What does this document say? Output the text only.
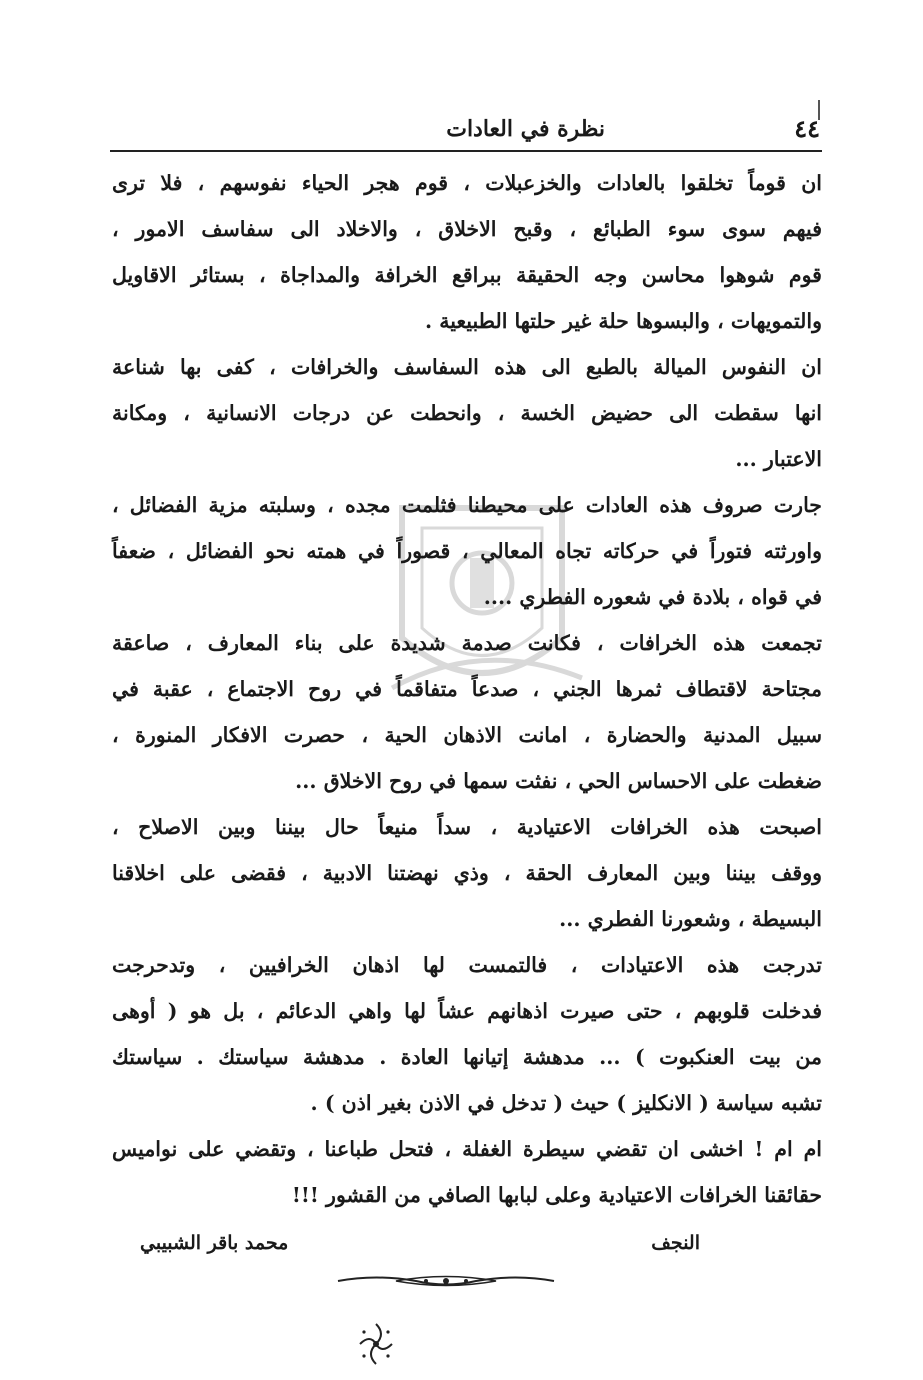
٤٤
نظرة في العادات
ان قوماً تخلقوا بالعادات والخزعبلات ، قوم هجر الحياء نفوسهم ، فلا ترى
فيهم سوى سوء الطبائع ، وقبح الاخلاق ، والاخلاد الى سفاسف الامور ،
قوم شوهوا محاسن وجه الحقيقة ببراقع الخرافة والمداجاة ، بستائر الاقاويل
والتمويهات ، والبسوها حلة غير حلتها الطبيعية .
ان النفوس الميالة بالطبع الى هذه السفاسف والخرافات ، كفى بها شناعة
انها سقطت الى حضيض الخسة ، وانحطت عن درجات الانسانية ، ومكانة
الاعتبار ...
جارت صروف هذه العادات على محيطنا فثلمت مجده ، وسلبته مزية الفضائل ،
واورثته فتوراً في حركاته تجاه المعالي ، قصوراً في همته نحو الفضائل ، ضعفاً
في قواه ، بلادة في شعوره الفطري ....
تجمعت هذه الخرافات ، فكانت صدمة شديدة على بناء المعارف ، صاعقة
مجتاحة لاقتطاف ثمرها الجني ، صدعاً متفاقماً في روح الاجتماع ، عقبة في
سبيل المدنية والحضارة ، امانت الاذهان الحية ، حصرت الافكار المنورة ،
ضغطت على الاحساس الحي ، نفثت سمها في روح الاخلاق ...
اصبحت هذه الخرافات الاعتيادية ، سداً منيعاً حال بيننا وبين الاصلاح ،
ووقف بيننا وبين المعارف الحقة ، وذي نهضتنا الادبية ، فقضى على اخلاقنا
البسيطة ، وشعورنا الفطري ...
تدرجت هذه الاعتيادات ، فالتمست لها اذهان الخرافيين ، وتدحرجت
فدخلت قلوبهم ، حتى صيرت اذهانهم عشاً لها واهي الدعائم ، بل هو ( أوهى
من بيت العنكبوت ) ... مدهشة إتيانها العادة . مدهشة سياستك . سياستك
تشبه سياسة ( الانكليز ) حيث ( تدخل في الاذن بغير اذن ) .
ام ام ! اخشى ان تقضي سيطرة الغفلة ، فتحل طباعنا ، وتقضي على نواميس
حقائقنا الخرافات الاعتيادية وعلى لبابها الصافي من القشور !!!
النجف
محمد باقر الشبيبي
